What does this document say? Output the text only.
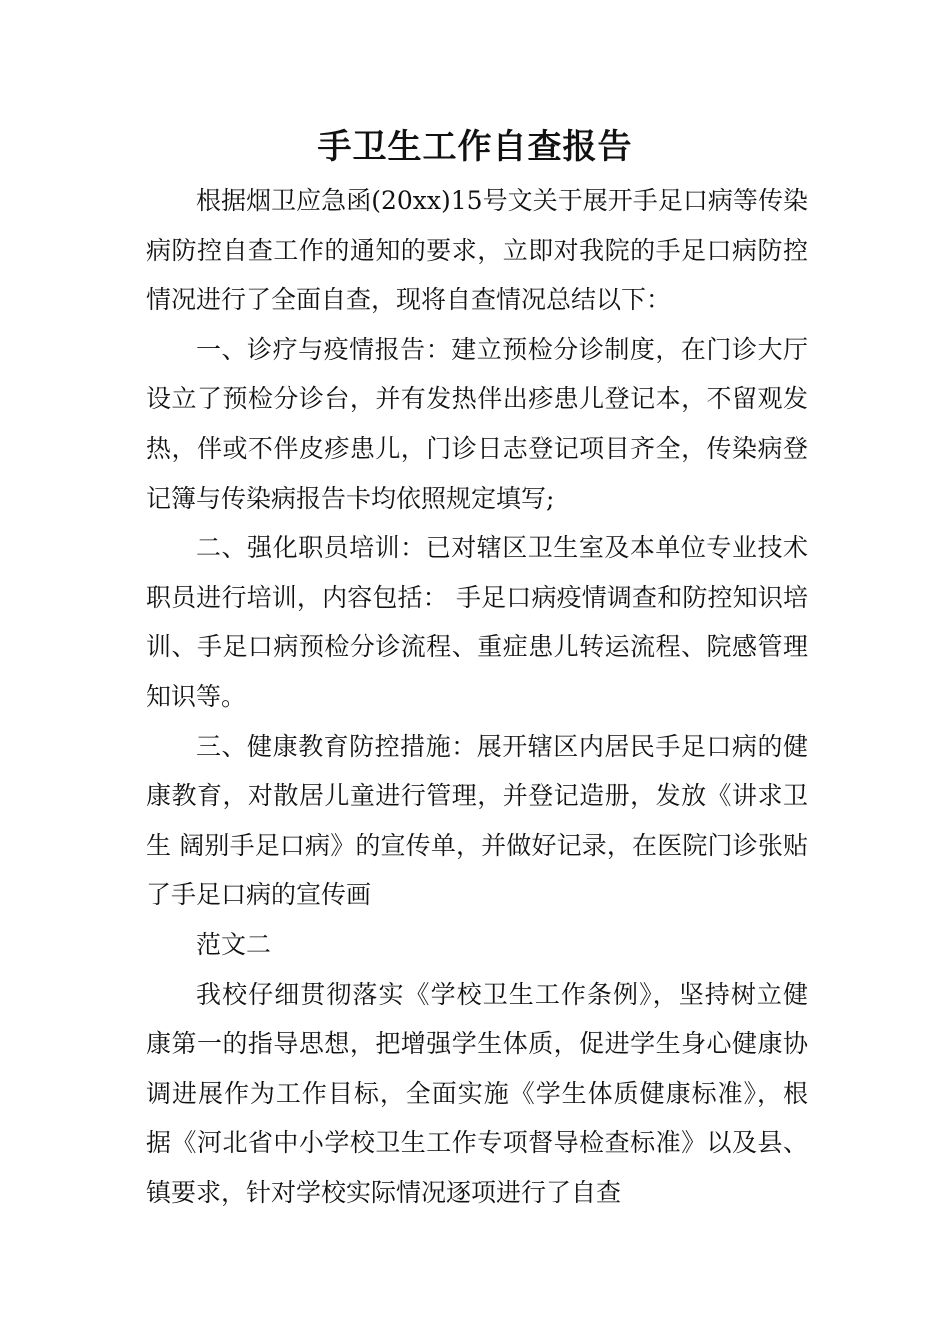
手卫生工作自查报告

根据烟卫应急函(20xx)15号文关于展开手足口病等传染病防控自查工作的通知的要求，立即对我院的手足口病防控情况进行了全面自查，现将自查情况总结以下：

一、诊疗与疫情报告：建立预检分诊制度，在门诊大厅设立了预检分诊台，并有发热伴出疹患儿登记本，不留观发热，伴或不伴皮疹患儿，门诊日志登记项目齐全，传染病登记簿与传染病报告卡均依照规定填写;

二、强化职员培训：已对辖区卫生室及本单位专业技术职员进行培训，内容包括： 手足口病疫情调查和防控知识培训、手足口病预检分诊流程、重症患儿转运流程、院感管理知识等。

三、健康教育防控措施：展开辖区内居民手足口病的健康教育，对散居儿童进行管理，并登记造册，发放《讲求卫生 阔别手足口病》的宣传单，并做好记录，在医院门诊张贴了手足口病的宣传画

范文二

我校仔细贯彻落实《学校卫生工作条例》，坚持树立健康第一的指导思想，把增强学生体质，促进学生身心健康协调进展作为工作目标，全面实施《学生体质健康标准》，根据《河北省中小学校卫生工作专项督导检查标准》以及县、镇要求，针对学校实际情况逐项进行了自查
